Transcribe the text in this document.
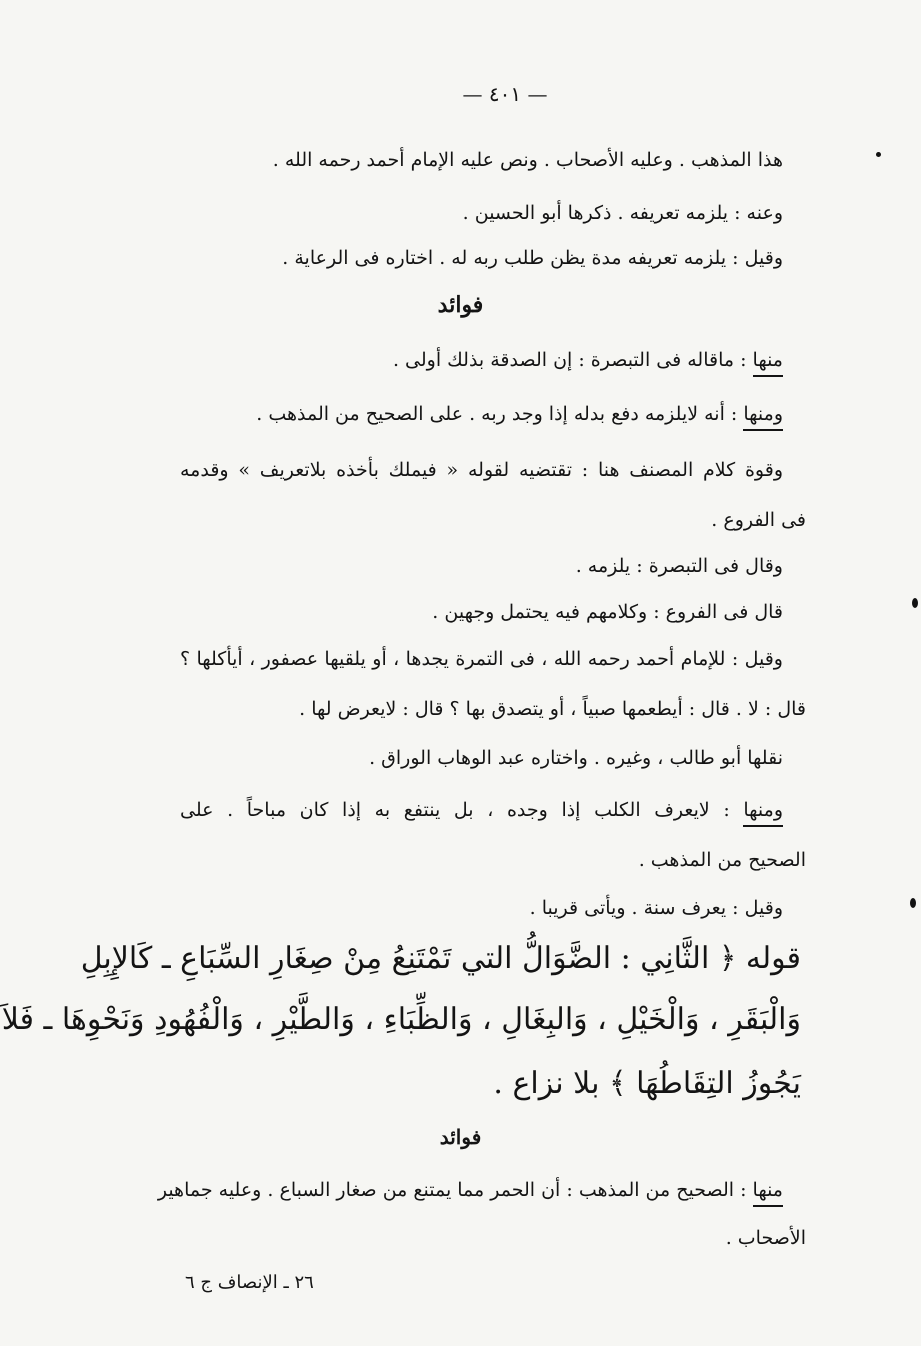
— ٤٠١ —
هذا المذهب . وعليه الأصحاب . ونص عليه الإمام أحمد رحمه الله .
وعنه : يلزمه تعريفه . ذكرها أبو الحسين .
وقيل : يلزمه تعريفه مدة يظن طلب ربه له . اختاره فى الرعاية .
فوائد
منها : ماقاله فى التبصرة : إن الصدقة بذلك أولى .
ومنها : أنه لايلزمه دفع بدله إذا وجد ربه . على الصحيح من المذهب .
وقوة كلام المصنف هنا : تقتضيه لقوله « فيملك بأخذه بلاتعريف » وقدمه
فى الفروع .
وقال فى التبصرة : يلزمه .
قال فى الفروع : وكلامهم فيه يحتمل وجهين .
وقيل : للإمام أحمد رحمه الله ، فى التمرة يجدها ، أو يلقيها عصفور ، أيأكلها ؟
قال : لا . قال : أيطعمها صبياً ، أو يتصدق بها ؟ قال : لايعرض لها .
نقلها أبو طالب ، وغيره . واختاره عبد الوهاب الوراق .
ومنها : لايعرف الكلب إذا وجده ، بل ينتفع به إذا كان مباحاً . على
الصحيح من المذهب .
وقيل : يعرف سنة . ويأتى قريبا .
قوله ﴿ الثَّانِي : الضَّوَالُّ التي تَمْتَنِعُ مِنْ صِغَارِ السِّبَاعِ ـ كَالإِبِلِ
وَالْبَقَرِ ، وَالْخَيْلِ ، وَالبِغَالِ ، وَالظِّبَاءِ ، وَالطَّيْرِ ، وَالْفُهُودِ وَنَحْوِهَا ـ فَلاَ
يَجُوزُ التِقَاطُهَا ﴾ بلا نزاع .
فوائد
منها : الصحيح من المذهب : أن الحمر مما يمتنع من صغار السباع . وعليه جماهير
الأصحاب .
٢٦ ـ الإنصاف ج ٦
